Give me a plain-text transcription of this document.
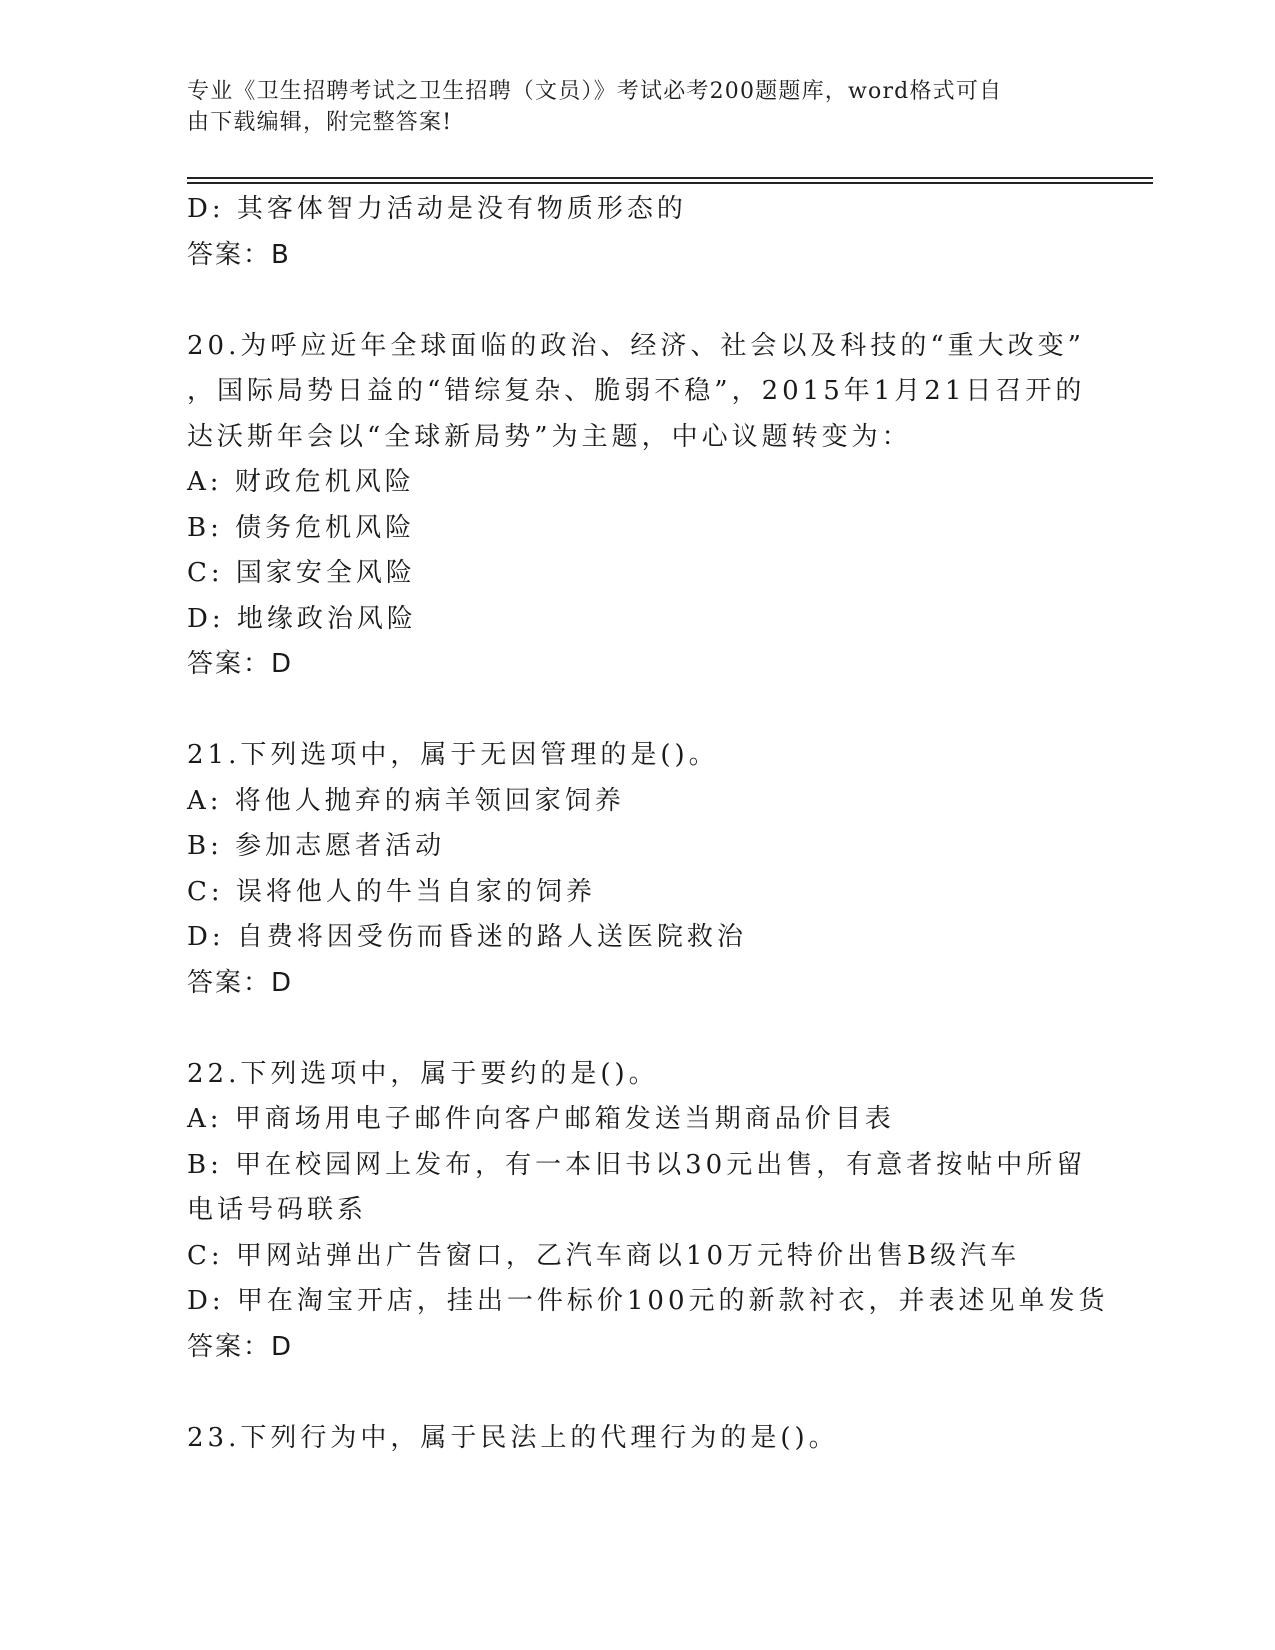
专业《卫生招聘考试之卫生招聘（文员）》考试必考200题题库，word格式可自
由下载编辑，附完整答案!
D: 其客体智力活动是没有物质形态的
答案：B
20.为呼应近年全球面临的政治、经济、社会以及科技的“重大改变”
，国际局势日益的“错综复杂、脆弱不稳”，2015年1月21日召开的
达沃斯年会以“全球新局势”为主题，中心议题转变为：
A: 财政危机风险
B: 债务危机风险
C: 国家安全风险
D: 地缘政治风险
答案：D
21.下列选项中，属于无因管理的是()。
A: 将他人抛弃的病羊领回家饲养
B: 参加志愿者活动
C: 误将他人的牛当自家的饲养
D: 自费将因受伤而昏迷的路人送医院救治
答案：D
22.下列选项中，属于要约的是()。
A: 甲商场用电子邮件向客户邮箱发送当期商品价目表
B: 甲在校园网上发布，有一本旧书以30元出售，有意者按帖中所留
电话号码联系
C: 甲网站弹出广告窗口，乙汽车商以10万元特价出售B级汽车
D: 甲在淘宝开店，挂出一件标价100元的新款衬衣，并表述见单发货
答案：D
23.下列行为中，属于民法上的代理行为的是()。
